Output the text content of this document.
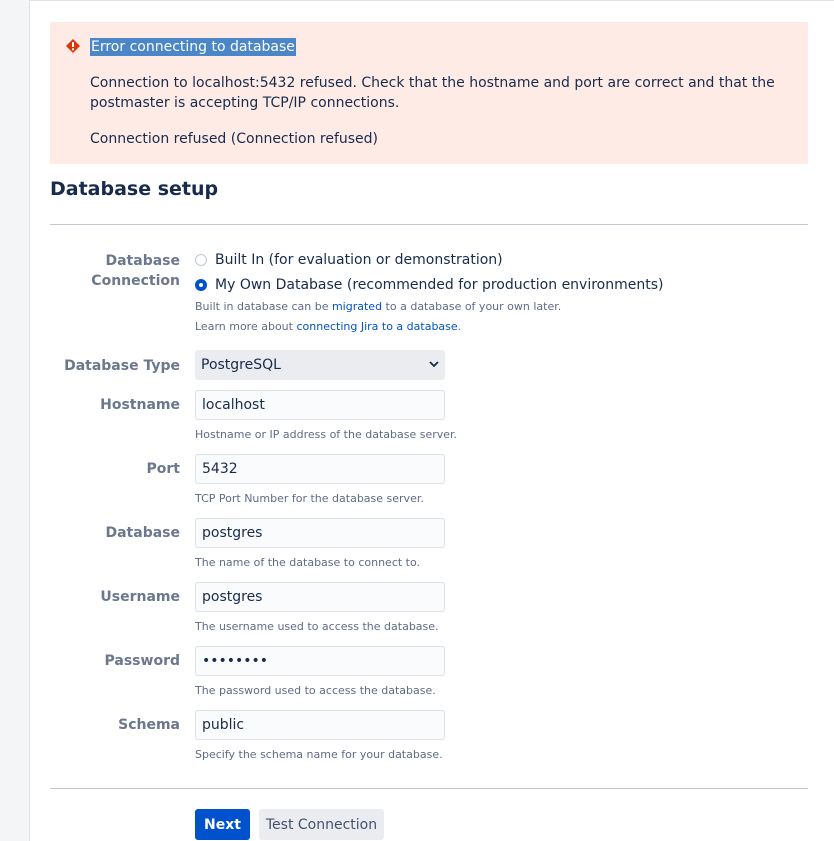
Error connecting to database
Connection to localhost:5432 refused. Check that the hostname and port are correct and that the postmaster is accepting TCP/IP connections.
Connection refused (Connection refused)
Database setup
Database
Connection
Built In (for evaluation or demonstration)
My Own Database (recommended for production environments)
Built in database can be migrated to a database of your own later.
Learn more about connecting Jira to a database.
Database Type	PostgreSQL
Hostname
localhost
Hostname or IP address of the database server.
Port
5432
TCP Port Number for the database server.
Database
postgres
The name of the database to connect to.
Username
postgres
The username used to access the database.
Password
••••••••
The password used to access the database.
Schema
public
Specify the schema name for your database.
Next	Test Connection
